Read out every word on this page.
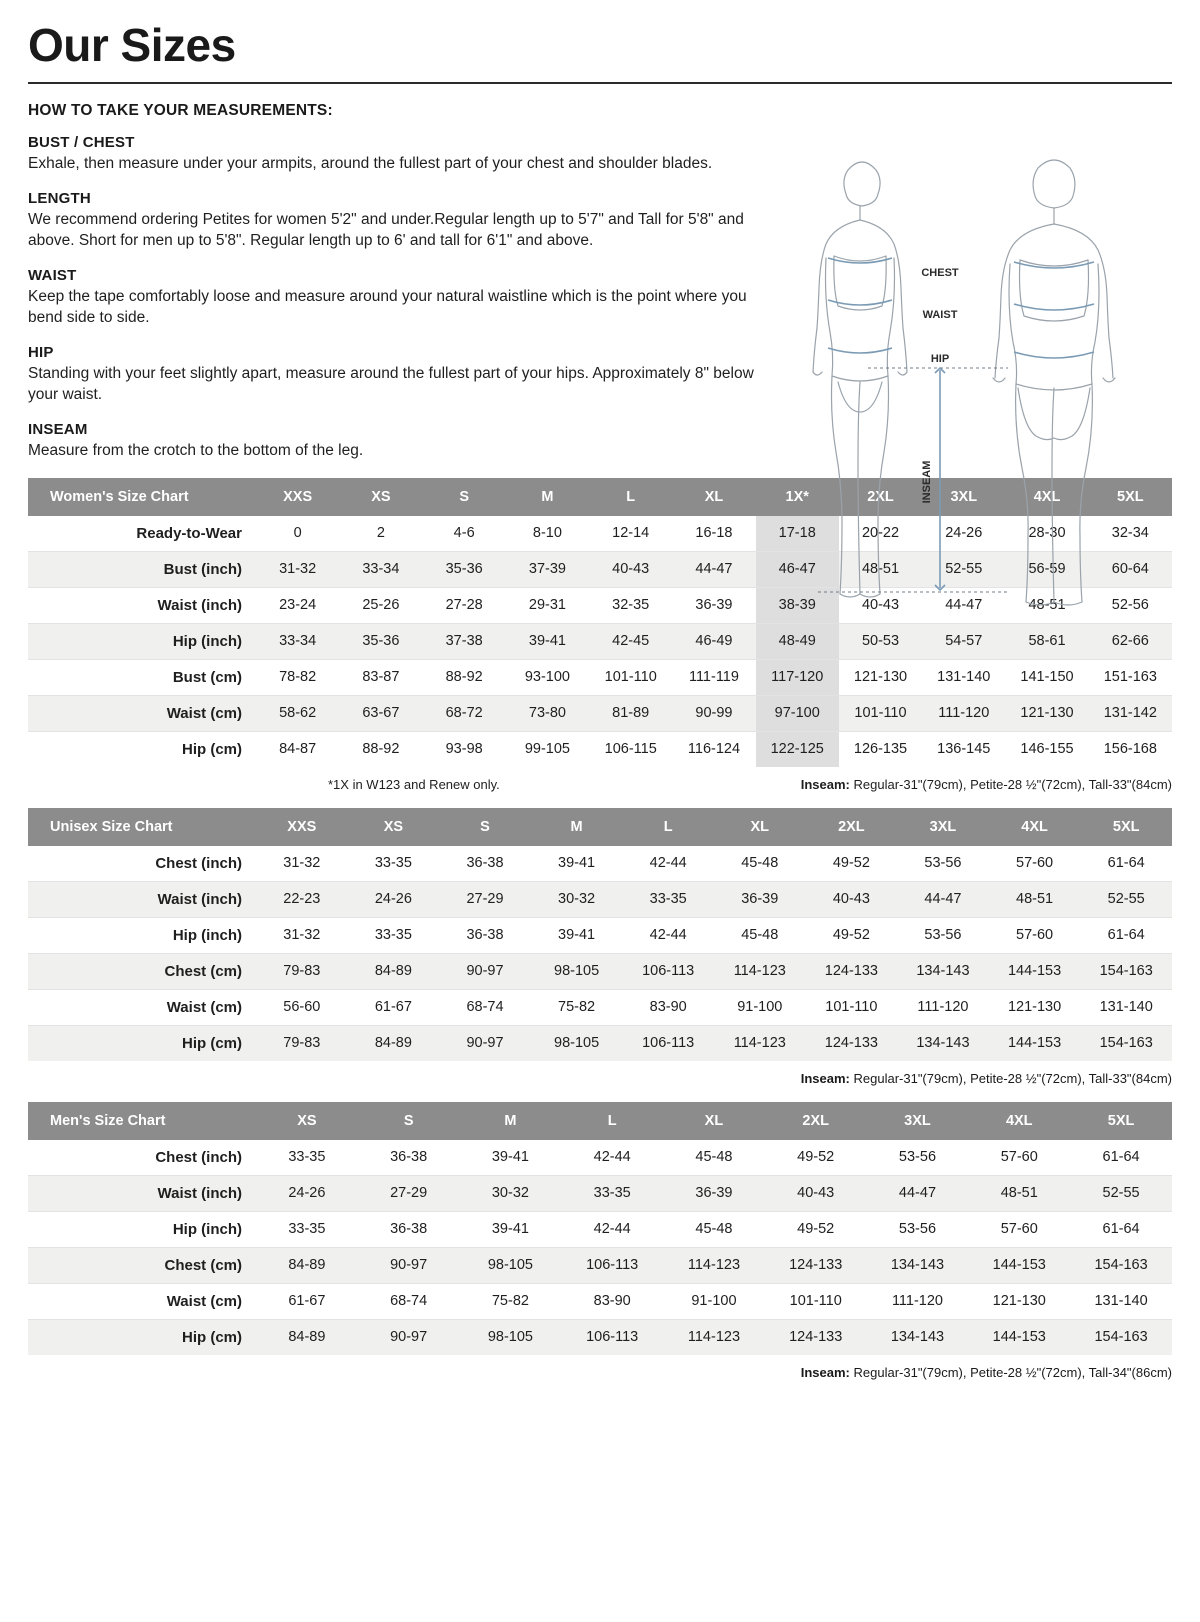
Our Sizes
CHEST
WAIST
HIP
INSEAM
HOW TO TAKE YOUR MEASUREMENTS:
BUST / CHEST

Exhale, then measure under your armpits, around the fullest part of your chest and shoulder blades.

LENGTH

We recommend ordering Petites for women 5'2" and under.Regular length up to 5'7" and Tall for 5'8" and above. Short for men up to 5'8". Regular length up to 6' and tall for 6'1" and above.

WAIST

Keep the tape comfortably loose and measure around your natural waistline which is the point where you bend side to side.

HIP

Standing with your feet slightly apart, measure around the fullest part of your hips. Approximately 8" below your waist.

INSEAM

Measure from the crotch to the bottom of the leg.

Women's Size Chart	XXS	XS	S	M	L	XL	1X*	2XL	3XL	4XL	5XL
Ready-to-Wear	0	2	4-6	8-10	12-14	16-18	17-18	20-22	24-26	28-30	32-34
Bust (inch)	31-32	33-34	35-36	37-39	40-43	44-47	46-47	48-51	52-55	56-59	60-64
Waist (inch)	23-24	25-26	27-28	29-31	32-35	36-39	38-39	40-43	44-47	48-51	52-56
Hip (inch)	33-34	35-36	37-38	39-41	42-45	46-49	48-49	50-53	54-57	58-61	62-66
Bust (cm)	78-82	83-87	88-92	93-100	101-110	111-119	117-120	121-130	131-140	141-150	151-163
Waist (cm)	58-62	63-67	68-72	73-80	81-89	90-99	97-100	101-110	111-120	121-130	131-142
Hip (cm)	84-87	88-92	93-98	99-105	106-115	116-124	122-125	126-135	136-145	146-155	156-168
*1X in W123 and Renew only.	Inseam: Regular-31"(79cm), Petite-28 ½"(72cm), Tall-33"(84cm)
Unisex Size Chart	XXS	XS	S	M	L	XL	2XL	3XL	4XL	5XL
Chest (inch)	31-32	33-35	36-38	39-41	42-44	45-48	49-52	53-56	57-60	61-64
Waist (inch)	22-23	24-26	27-29	30-32	33-35	36-39	40-43	44-47	48-51	52-55
Hip (inch)	31-32	33-35	36-38	39-41	42-44	45-48	49-52	53-56	57-60	61-64
Chest (cm)	79-83	84-89	90-97	98-105	106-113	114-123	124-133	134-143	144-153	154-163
Waist (cm)	56-60	61-67	68-74	75-82	83-90	91-100	101-110	111-120	121-130	131-140
Hip (cm)	79-83	84-89	90-97	98-105	106-113	114-123	124-133	134-143	144-153	154-163
Inseam: Regular-31"(79cm), Petite-28 ½"(72cm), Tall-33"(84cm)
Men's Size Chart	XS	S	M	L	XL	2XL	3XL	4XL	5XL
Chest (inch)	33-35	36-38	39-41	42-44	45-48	49-52	53-56	57-60	61-64
Waist (inch)	24-26	27-29	30-32	33-35	36-39	40-43	44-47	48-51	52-55
Hip (inch)	33-35	36-38	39-41	42-44	45-48	49-52	53-56	57-60	61-64
Chest (cm)	84-89	90-97	98-105	106-113	114-123	124-133	134-143	144-153	154-163
Waist (cm)	61-67	68-74	75-82	83-90	91-100	101-110	111-120	121-130	131-140
Hip (cm)	84-89	90-97	98-105	106-113	114-123	124-133	134-143	144-153	154-163
Inseam: Regular-31"(79cm), Petite-28 ½"(72cm), Tall-34"(86cm)
